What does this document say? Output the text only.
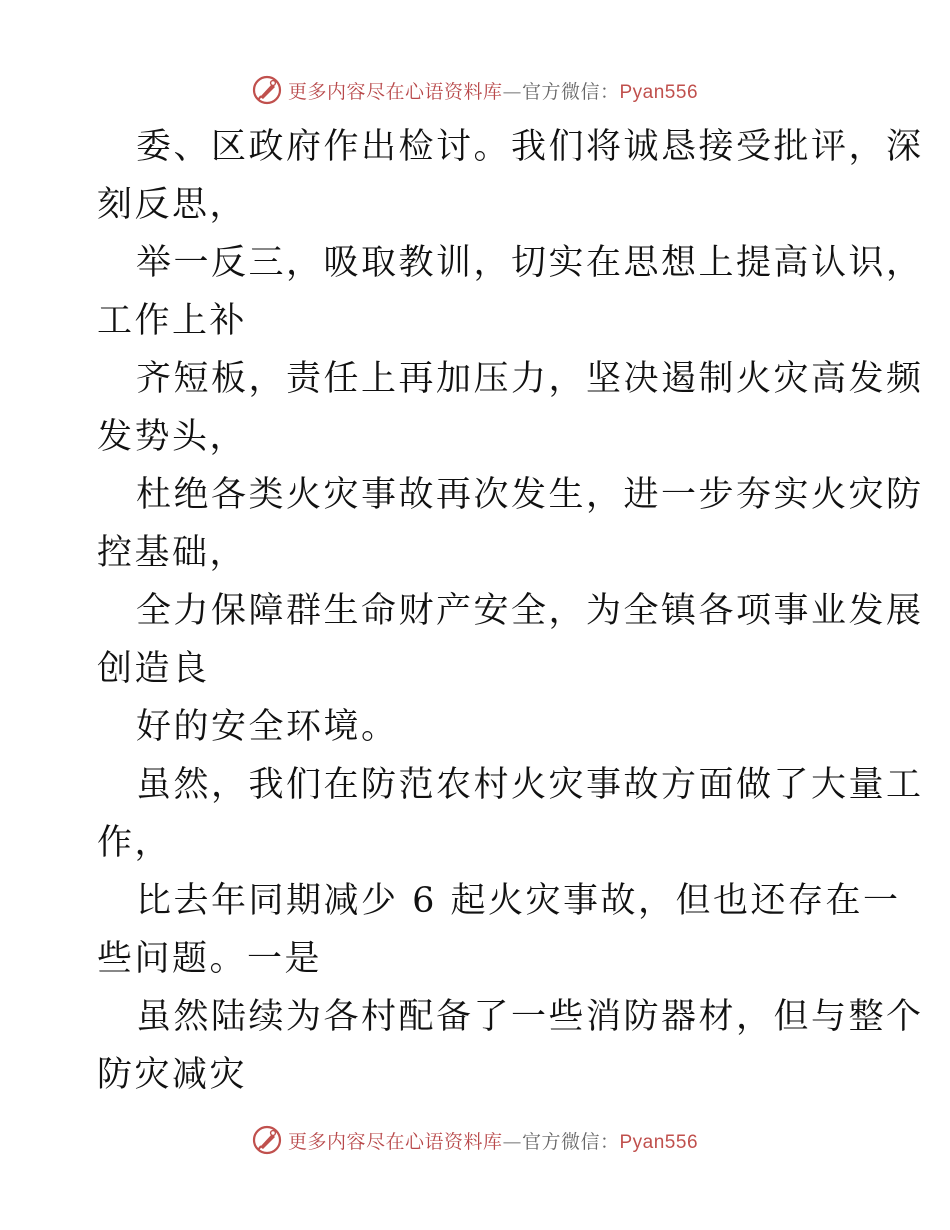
更多内容尽在心语资料库—官方微信：Pyan556

委、区政府作出检讨。我们将诚恳接受批评，深

刻反思，

举一反三，吸取教训，切实在思想上提高认识，

工作上补

齐短板，责任上再加压力，坚决遏制火灾高发频

发势头，

杜绝各类火灾事故再次发生，进一步夯实火灾防

控基础，

全力保障群生命财产安全，为全镇各项事业发展

创造良

好的安全环境。

虽然，我们在防范农村火灾事故方面做了大量工

作，

比去年同期减少 6 起火灾事故，但也还存在一

些问题。一是

虽然陆续为各村配备了一些消防器材，但与整个

防灾减灾

更多内容尽在心语资料库—官方微信：Pyan556
